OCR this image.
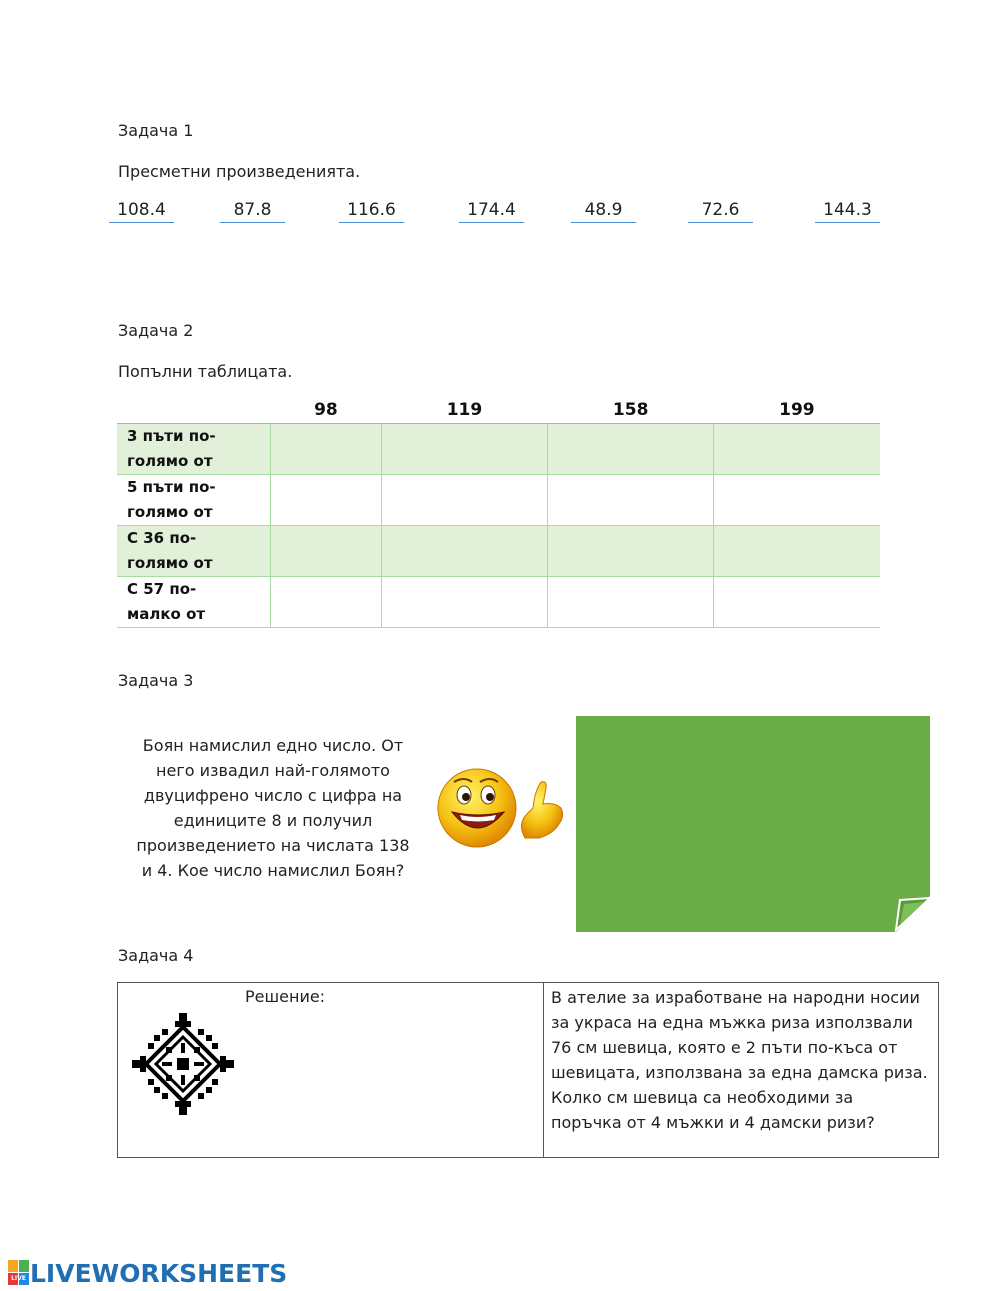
Задача 1
Пресметни произведенията.
108.4	87.8	116.6	174.4	48.9	72.6	144.3
Задача 2
Попълни таблицата.
	98	119	158	199
3 пъти по-
голямо от				
5 пъти по-
голямо от				
С 36 по-
голямо от				
С 57 по-
малко от				
Задача 3
Боян намислил едно число. От
него извадил най-голямото
двуцифрено число с цифра на
единиците 8 и получил
произведението на числата 138
и 4. Кое число намислил Боян?
Задача 4
Решение:	В ателие за изработване на народни носии
за украса на една мъжка риза използвали
76 см шевица, която е 2 пъти по-къса от
шевицата, използвана за една дамска риза.
Колко см шевица са необходими за
поръчка от 4 мъжки и 4 дамски ризи?
LIVE LIVEWORKSHEETS
